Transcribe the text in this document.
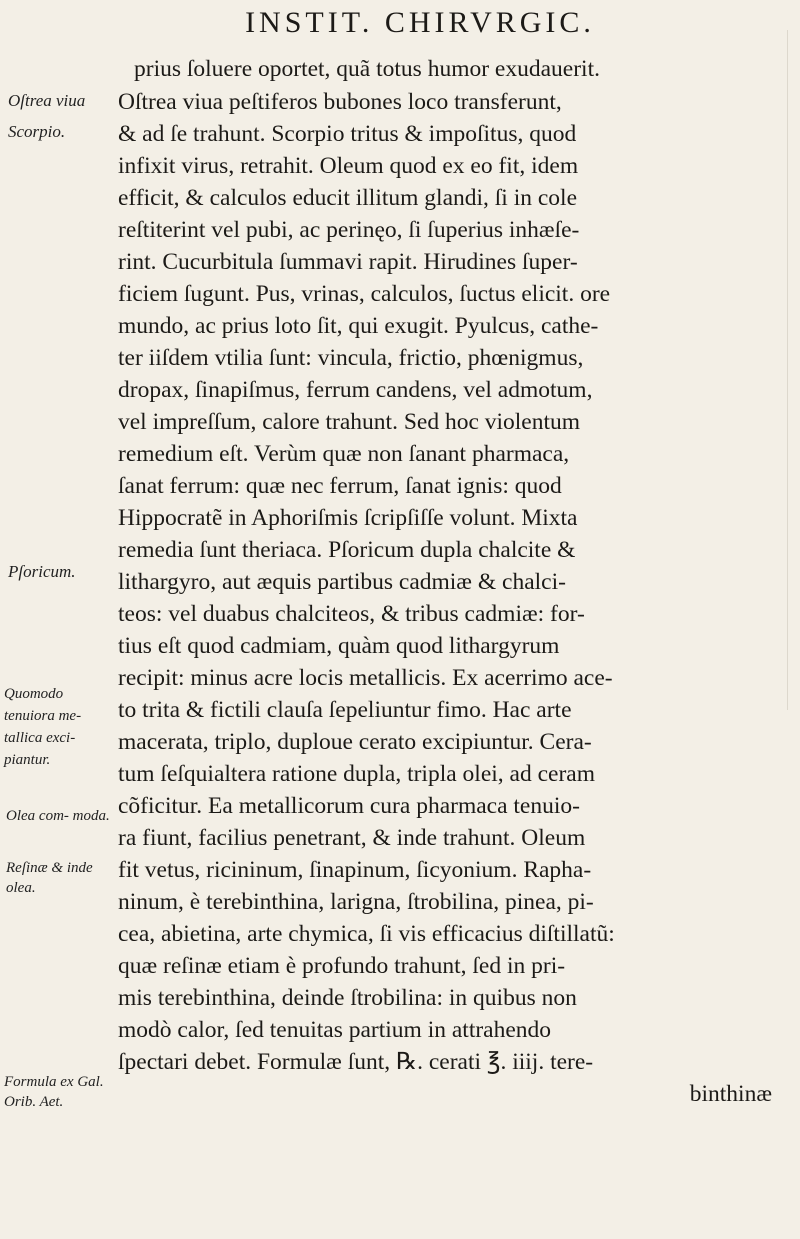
INSTIT. CHIRVRGIC.
Oſtrea viua
Scorpio.
Pſoricum.
Quomodo tenuiora me- tallica exci- piantur.
Olea com- moda.
Reſinæ & inde olea.
Formula ex Gal. Orib. Aet.
prius ſoluere oportet, quã totus humor exudauerit.
Oſtrea viua peſtiferos bubones loco transferunt,
& ad ſe trahunt. Scorpio tritus & impoſitus, quod
infixit virus, retrahit. Oleum quod ex eo fit, idem
efficit, & calculos educit illitum glandi, ſi in cole
reſtiterint vel pubi, ac perinęo, ſi ſuperius inhæſe-
rint. Cucurbitula ſummavi rapit. Hirudines ſuper-
ficiem ſugunt. Pus, vrinas, calculos, ſuctus elicit. ore
mundo, ac prius loto ſit, qui exugit. Pyulcus, cathe-
ter iiſdem vtilia ſunt: vincula, frictio, phœnigmus,
dropax, ſinapiſmus, ferrum candens, vel admotum,
vel impreſſum, calore trahunt. Sed hoc violentum
remedium eſt. Verùm quæ non ſanant pharmaca,
ſanat ferrum: quæ nec ferrum, ſanat ignis: quod
Hippocratẽ in Aphoriſmis ſcripſiſſe volunt. Mixta
remedia ſunt theriaca. Pſoricum dupla chalcite &
lithargyro, aut æquis partibus cadmiæ & chalci-
teos: vel duabus chalciteos, & tribus cadmiæ: for-
tius eſt quod cadmiam, quàm quod lithargyrum
recipit: minus acre locis metallicis. Ex acerrimo ace-
to trita & fictili clauſa ſepeliuntur fimo. Hac arte
macerata, triplo, duploue cerato excipiuntur. Cera-
tum ſeſquialtera ratione dupla, tripla olei, ad ceram
cõficitur. Ea metallicorum cura pharmaca tenuio-
ra fiunt, facilius penetrant, & inde trahunt. Oleum
fit vetus, ricininum, ſinapinum, ſicyonium. Rapha-
ninum, è terebinthina, larigna, ſtrobilina, pinea, pi-
cea, abietina, arte chymica, ſi vis efficacius diſtillatũ:
quæ reſinæ etiam è profundo trahunt, ſed in pri-
mis terebinthina, deinde ſtrobilina: in quibus non
modò calor, ſed tenuitas partium in attrahendo
ſpectari debet. Formulæ ſunt, ℞. cerati ℥. iiij. tere-
binthinæ
